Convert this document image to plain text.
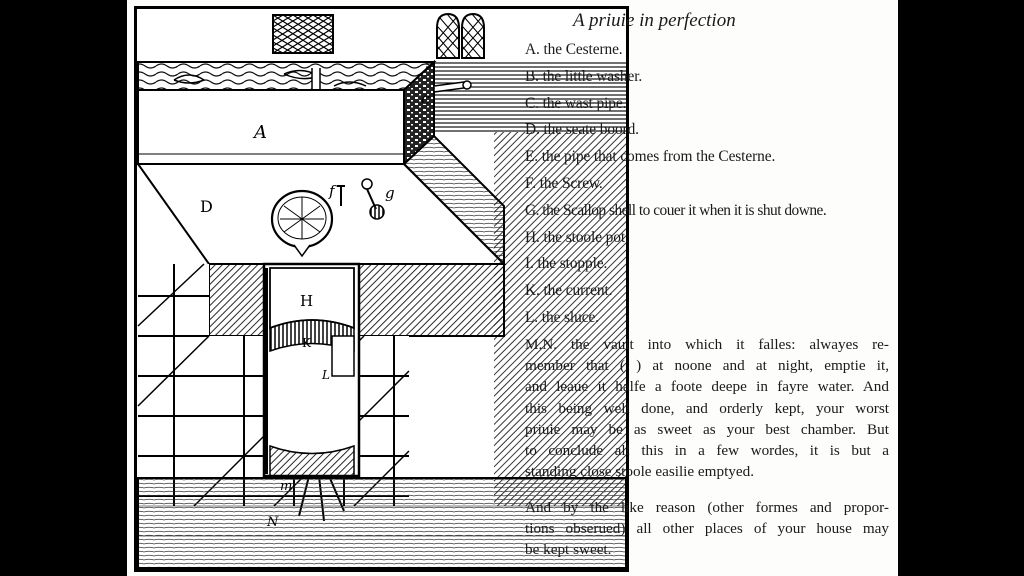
A
c
D
f	g
H
K
L
m
N
A priuie in perfection
A. the Cesterne.
B. the little washer.
C. the wast pipe.
D. the seate boord.
E. the pipe that comes from the Cesterne.
F. the Screw.
G. the Scallop shell to couer it when it is shut downe.
H. the stoole pot.
I. the stopple.
K. the current.
L. the sluce.
M.N. the vault into which it falles: alwayes re-
member that ( ) at noone and at night, emptie it,
and leaue it halfe a foote deepe in fayre water. And
this being well done, and orderly kept, your worst
priuie may be as sweet as your best chamber. But
to conclude all this in a few wordes, it is but a
standing close stoole easilie emptyed.
And by the like reason (other formes and propor-
tions obserued) all other places of your house may
be kept sweet.
